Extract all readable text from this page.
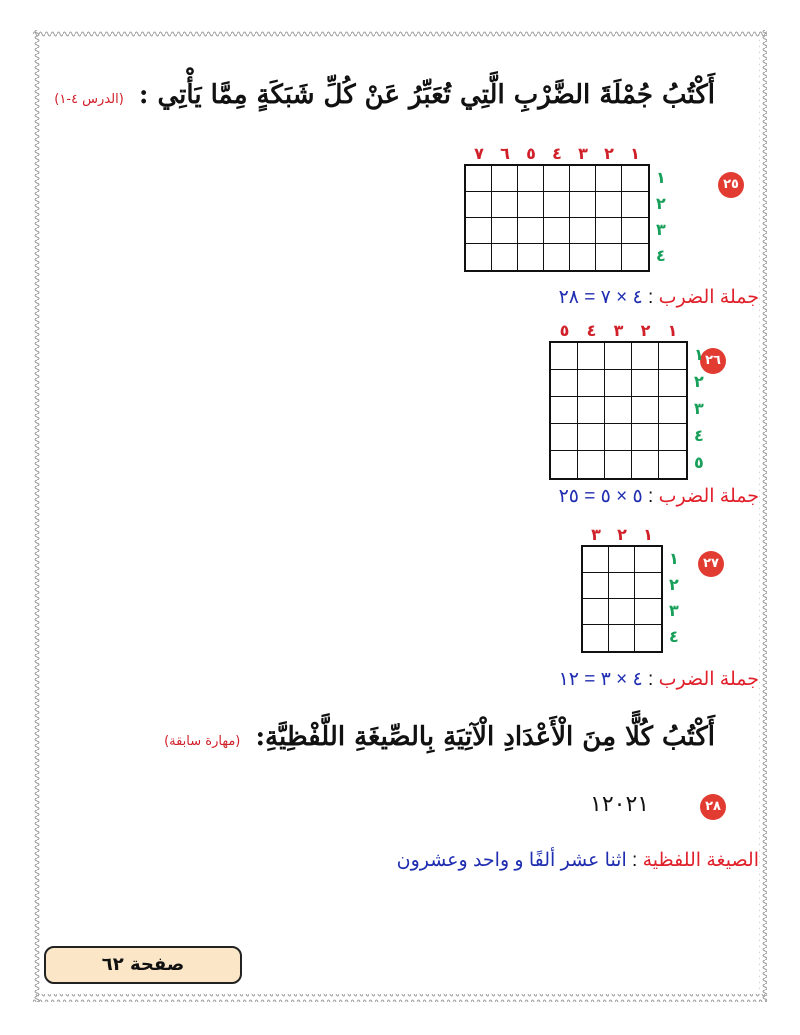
أَكْتُبُ جُمْلَةَ الضَّرْبِ الَّتِي تُعَبِّرُ عَنْ كُلِّ شَبَكَةٍ مِمَّا يَأْتِي : (الدرس ٤-١)
٢٥
١
٢
٣
٤
٥
٦
٧
١
٢
٣
٤
جملة الضرب : ٤ × ٧ = ٢٨
٢٦
١
٢
٣
٤
٥
١
٢
٣
٤
٥
جملة الضرب : ٥ × ٥ = ٢٥
٢٧
١
٢
٣
١
٢
٣
٤
جملة الضرب : ٤ × ٣ = ١٢
أَكْتُبُ كُلًّا مِنَ الْأَعْدَادِ الْآتِيَةِ بِالصِّيغَةِ اللَّفْظِيَّةِ: (مهارة سابقة)
٢٨
١٢٠٢١
الصيغة اللفظية : اثنا عشر ألفًا و واحد وعشرون
صفحة ٦٢
